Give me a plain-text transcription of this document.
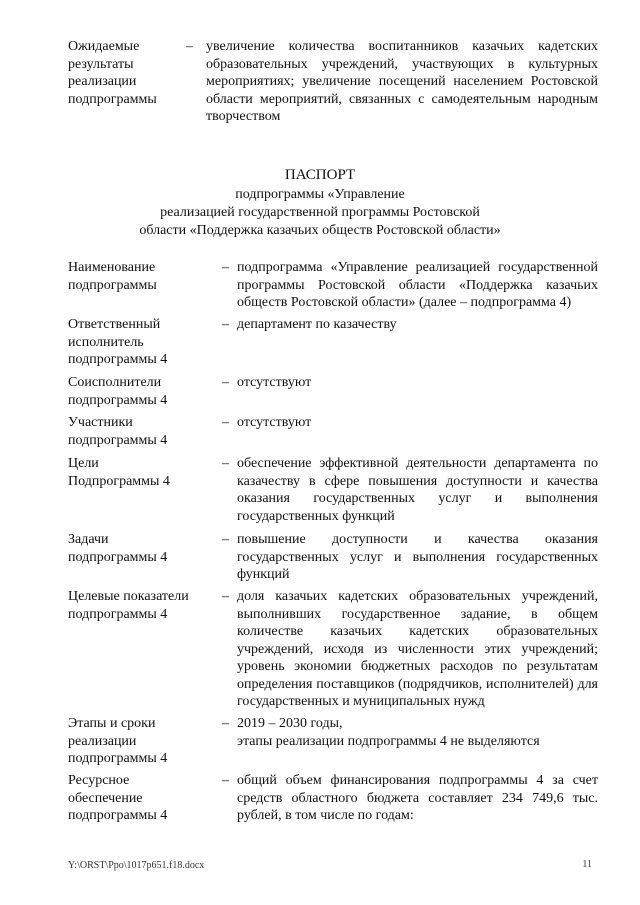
Ожидаемые результаты реализации подпрограммы
– увеличение количества воспитанников казачьих кадетских образовательных учреждений, участвующих в культурных мероприятиях; увеличение посещений населением Ростовской области мероприятий, связанных с самодеятельным народным творчеством
ПАСПОРТ
подпрограммы «Управление
реализацией государственной программы Ростовской
области «Поддержка казачьих обществ Ростовской области»
Наименование подпрограммы
– подпрограмма «Управление реализацией государственной программы Ростовской области «Поддержка казачьих обществ Ростовской области» (далее – подпрограмма 4)
Ответственный исполнитель подпрограммы 4
– департамент по казачеству
Соисполнители подпрограммы 4
– отсутствуют
Участники подпрограммы 4
– отсутствуют
Цели Подпрограммы 4
– обеспечение эффективной деятельности департамента по казачеству в сфере повышения доступности и качества оказания государственных услуг и выполнения государственных функций
Задачи подпрограммы 4
– повышение доступности и качества оказания государственных услуг и выполнения государственных функций
Целевые показатели подпрограммы 4
– доля казачьих кадетских образовательных учреждений, выполнивших государственное задание, в общем количестве казачьих кадетских образовательных учреждений, исходя из численности этих учреждений; уровень экономии бюджетных расходов по результатам определения поставщиков (подрядчиков, исполнителей) для государственных и муниципальных нужд
Этапы и сроки реализации подпрограммы 4
– 2019 – 2030 годы,
этапы реализации подпрограммы 4 не выделяются
Ресурсное обеспечение подпрограммы 4
– общий объем финансирования подпрограммы 4 за счет средств областного бюджета составляет 234 749,6 тыс. рублей, в том числе по годам:
Y:\ORST\Ppo\1017p651.f18.docx	11
